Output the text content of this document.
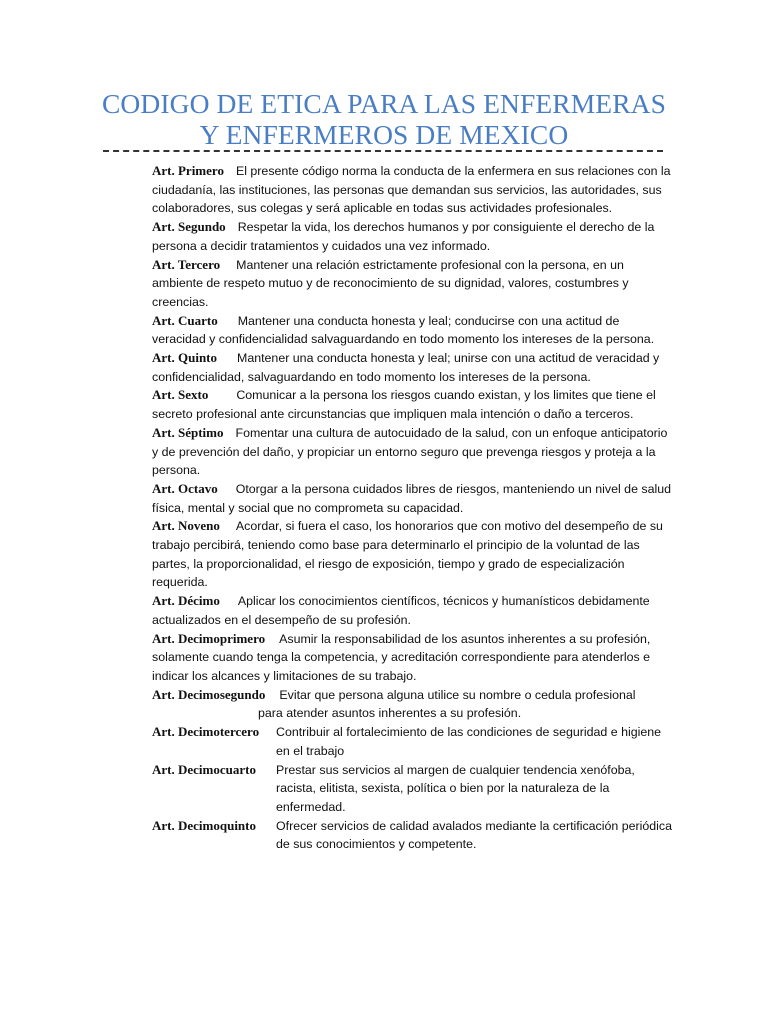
CODIGO DE ETICA PARA LAS ENFERMERAS
Y ENFERMEROS DE MEXICO

Art. Primero El presente código norma la conducta de la enfermera en sus relaciones con la ciudadanía, las instituciones, las personas que demandan sus servicios, las autoridades, sus colaboradores, sus colegas y será aplicable en todas sus actividades profesionales.

Art. Segundo Respetar la vida, los derechos humanos y por consiguiente el derecho de la persona a decidir tratamientos y cuidados una vez informado.

Art. Tercero Mantener una relación estrictamente profesional con la persona, en un ambiente de respeto mutuo y de reconocimiento de su dignidad, valores, costumbres y creencias.

Art. Cuarto Mantener una conducta honesta y leal; conducirse con una actitud de veracidad y confidencialidad salvaguardando en todo momento los intereses de la persona.

Art. Quinto Mantener una conducta honesta y leal; unirse con una actitud de veracidad y confidencialidad, salvaguardando en todo momento los intereses de la persona.

Art. Sexto Comunicar a la persona los riesgos cuando existan, y los limites que tiene el secreto profesional ante circunstancias que impliquen mala intención o daño a terceros.

Art. Séptimo Fomentar una cultura de autocuidado de la salud, con un enfoque anticipatorio y de prevención del daño, y propiciar un entorno seguro que prevenga riesgos y proteja a la persona.

Art. Octavo Otorgar a la persona cuidados libres de riesgos, manteniendo un nivel de salud física, mental y social que no comprometa su capacidad.

Art. Noveno Acordar, si fuera el caso, los honorarios que con motivo del desempeño de su trabajo percibirá, teniendo como base para determinarlo el principio de la voluntad de las partes, la proporcionalidad, el riesgo de exposición, tiempo y grado de especialización requerida.

Art. Décimo Aplicar los conocimientos científicos, técnicos y humanísticos debidamente actualizados en el desempeño de su profesión.

Art. Decimoprimero Asumir la responsabilidad de los asuntos inherentes a su profesión, solamente cuando tenga la competencia, y acreditación correspondiente para atenderlos e indicar los alcances y limitaciones de su trabajo.

Art. Decimosegundo Evitar que persona alguna utilice su nombre o cedula profesional
para atender asuntos inherentes a su profesión.

Art. Decimotercero	Contribuir al fortalecimiento de las condiciones de seguridad e higiene en el trabajo
Art. Decimocuarto	Prestar sus servicios al margen de cualquier tendencia xenófoba, racista, elitista, sexista, política o bien por la naturaleza de la enfermedad.
Art. Decimoquinto	Ofrecer servicios de calidad avalados mediante la certificación periódica de sus conocimientos y competente.
